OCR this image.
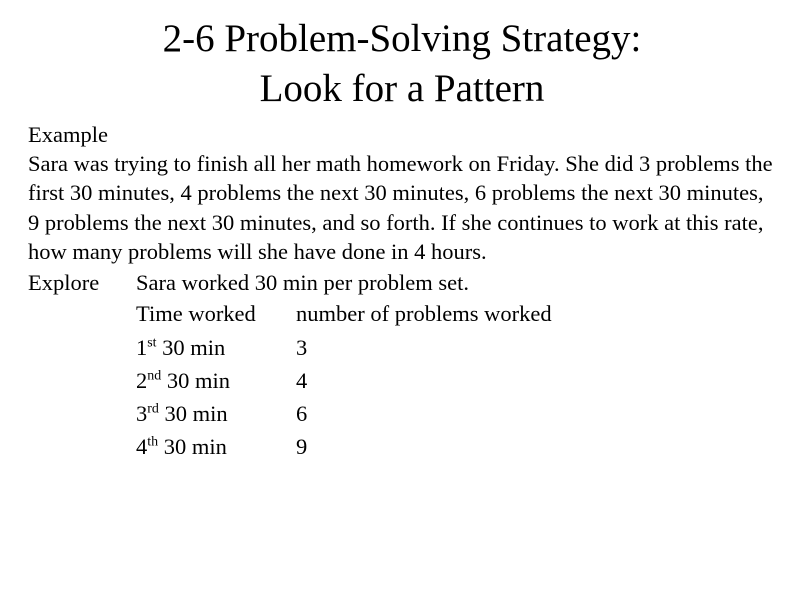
2-6 Problem-Solving Strategy:
Look for a Pattern
Example

Sara was trying to finish all her math homework on Friday. She did 3 problems the first 30 minutes, 4 problems the next 30 minutes, 6 problems the next 30 minutes, 9 problems the next 30 minutes, and so forth. If she continues to work at this rate, how many problems will she have done in 4 hours.

Explore	Sara worked 30 min per problem set.
Time worked	number of problems worked
1st 30 min	3
2nd 30 min	4
3rd 30 min	6
4th 30 min	9
